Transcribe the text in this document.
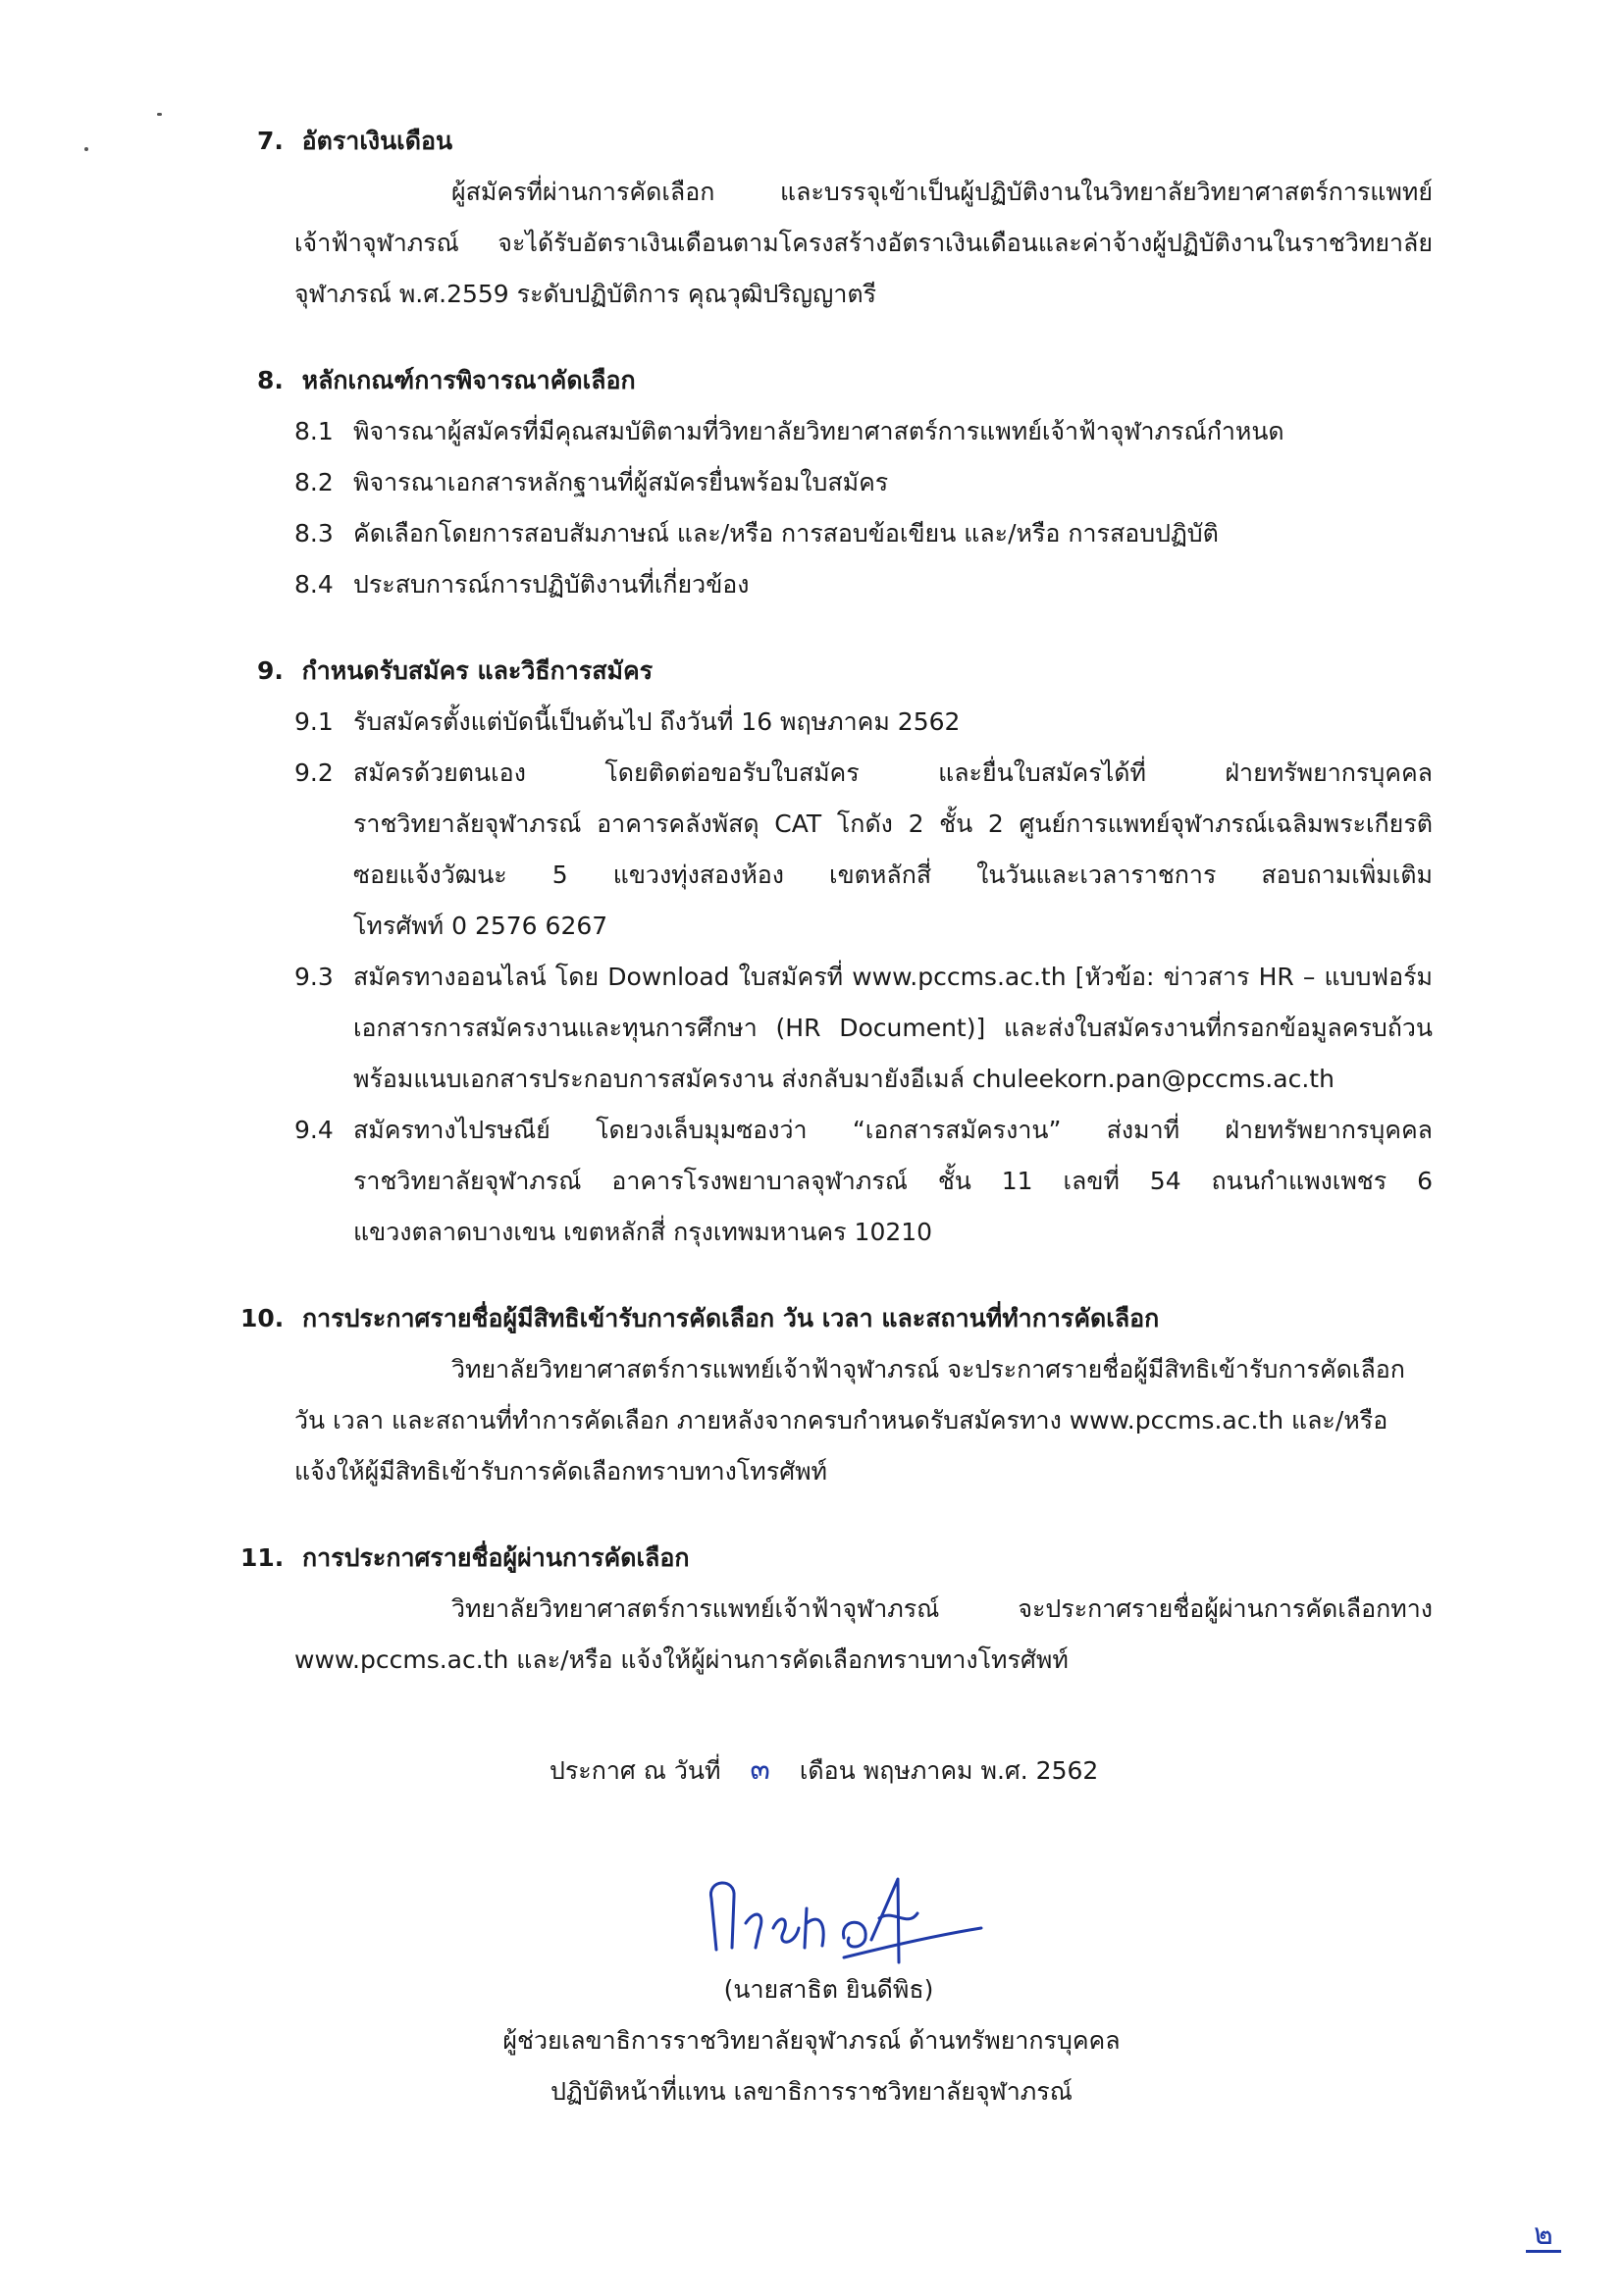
7. อัตราเงินเดือน
ผู้สมัครที่ผ่านการคัดเลือก และบรรจุเข้าเป็นผู้ปฏิบัติงานในวิทยาลัยวิทยาศาสตร์การแพทย์
เจ้าฟ้าจุฬาภรณ์ จะได้รับอัตราเงินเดือนตามโครงสร้างอัตราเงินเดือนและค่าจ้างผู้ปฏิบัติงานในราชวิทยาลัย
จุฬาภรณ์ พ.ศ.2559 ระดับปฏิบัติการ คุณวุฒิปริญญาตรี
8. หลักเกณฑ์การพิจารณาคัดเลือก
8.1 พิจารณาผู้สมัครที่มีคุณสมบัติตามที่วิทยาลัยวิทยาศาสตร์การแพทย์เจ้าฟ้าจุฬาภรณ์กำหนด
8.2 พิจารณาเอกสารหลักฐานที่ผู้สมัครยื่นพร้อมใบสมัคร
8.3 คัดเลือกโดยการสอบสัมภาษณ์ และ/หรือ การสอบข้อเขียน และ/หรือ การสอบปฏิบัติ
8.4 ประสบการณ์การปฏิบัติงานที่เกี่ยวข้อง
9. กำหนดรับสมัคร และวิธีการสมัคร
9.1 รับสมัครตั้งแต่บัดนี้เป็นต้นไป ถึงวันที่ 16 พฤษภาคม 2562
9.2 สมัครด้วยตนเอง โดยติดต่อขอรับใบสมัคร และยื่นใบสมัครได้ที่ ฝ่ายทรัพยากรบุคคล
ราชวิทยาลัยจุฬาภรณ์ อาคารคลังพัสดุ CAT โกดัง 2 ชั้น 2 ศูนย์การแพทย์จุฬาภรณ์เฉลิมพระเกียรติ
ซอยแจ้งวัฒนะ 5 แขวงทุ่งสองห้อง เขตหลักสี่ ในวันและเวลาราชการ สอบถามเพิ่มเติม
โทรศัพท์ 0 2576 6267
9.3 สมัครทางออนไลน์ โดย Download ใบสมัครที่ www.pccms.ac.th [หัวข้อ: ข่าวสาร HR – แบบฟอร์ม
เอกสารการสมัครงานและทุนการศึกษา (HR Document)] และส่งใบสมัครงานที่กรอกข้อมูลครบถ้วน
พร้อมแนบเอกสารประกอบการสมัครงาน ส่งกลับมายังอีเมล์ chuleekorn.pan@pccms.ac.th
9.4 สมัครทางไปรษณีย์ โดยวงเล็บมุมซองว่า “เอกสารสมัครงาน” ส่งมาที่ ฝ่ายทรัพยากรบุคคล
ราชวิทยาลัยจุฬาภรณ์ อาคารโรงพยาบาลจุฬาภรณ์ ชั้น 11 เลขที่ 54 ถนนกำแพงเพชร 6
แขวงตลาดบางเขน เขตหลักสี่ กรุงเทพมหานคร 10210
10. การประกาศรายชื่อผู้มีสิทธิเข้ารับการคัดเลือก วัน เวลา และสถานที่ทำการคัดเลือก
วิทยาลัยวิทยาศาสตร์การแพทย์เจ้าฟ้าจุฬาภรณ์ จะประกาศรายชื่อผู้มีสิทธิเข้ารับการคัดเลือก
วัน เวลา และสถานที่ทำการคัดเลือก ภายหลังจากครบกำหนดรับสมัครทาง www.pccms.ac.th และ/หรือ
แจ้งให้ผู้มีสิทธิเข้ารับการคัดเลือกทราบทางโทรศัพท์
11. การประกาศรายชื่อผู้ผ่านการคัดเลือก
วิทยาลัยวิทยาศาสตร์การแพทย์เจ้าฟ้าจุฬาภรณ์ จะประกาศรายชื่อผู้ผ่านการคัดเลือกทาง
www.pccms.ac.th และ/หรือ แจ้งให้ผู้ผ่านการคัดเลือกทราบทางโทรศัพท์
ประกาศ ณ วันที่ ๓ เดือน พฤษภาคม พ.ศ. 2562
(นายสาธิต ยินดีพิธ)
ผู้ช่วยเลขาธิการราชวิทยาลัยจุฬาภรณ์ ด้านทรัพยากรบุคคล
ปฏิบัติหน้าที่แทน เลขาธิการราชวิทยาลัยจุฬาภรณ์
๒
